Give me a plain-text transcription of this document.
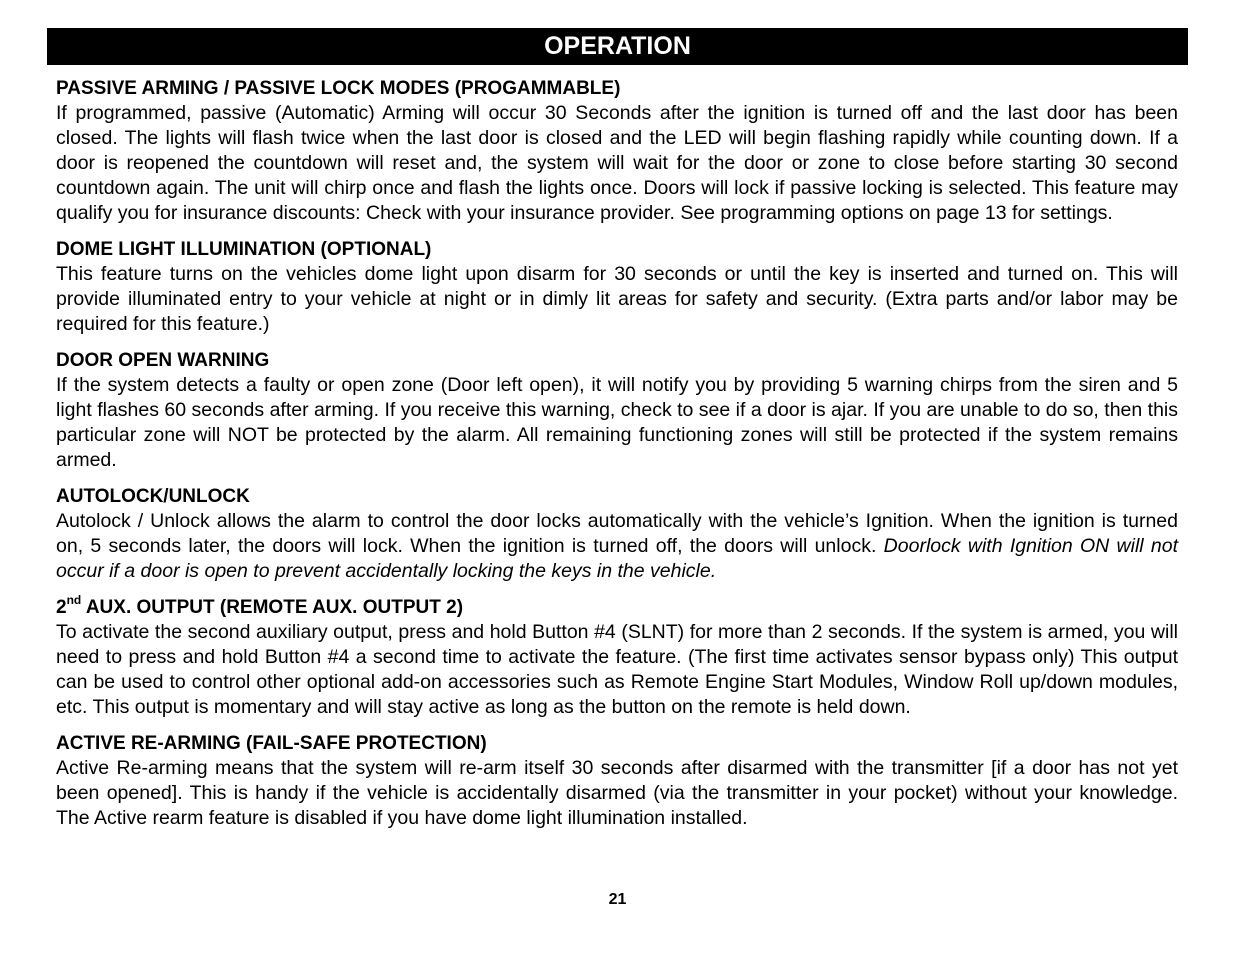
OPERATION
PASSIVE ARMING / PASSIVE LOCK MODES (PROGAMMABLE)
If programmed, passive (Automatic) Arming will occur 30 Seconds after the ignition is turned off and the last door has been closed. The lights will flash twice when the last door is closed and the LED will begin flashing rapidly while counting down. If a door is reopened the countdown will reset and, the system will wait for the door or zone to close before starting 30 second countdown again. The unit will chirp once and flash the lights once. Doors will lock if passive locking is selected. This feature may qualify you for insurance discounts: Check with your insurance provider. See programming options on page 13 for settings.
DOME LIGHT ILLUMINATION (OPTIONAL)
This feature turns on the vehicles dome light upon disarm for 30 seconds or until the key is inserted and turned on. This will provide illuminated entry to your vehicle at night or in dimly lit areas for safety and security. (Extra parts and/or labor may be required for this feature.)
DOOR OPEN WARNING
If the system detects a faulty or open zone (Door left open), it will notify you by providing 5 warning chirps from the siren and 5 light flashes 60 seconds after arming. If you receive this warning, check to see if a door is ajar. If you are unable to do so, then this particular zone will NOT be protected by the alarm. All remaining functioning zones will still be protected if the system remains armed.
AUTOLOCK/UNLOCK
Autolock / Unlock allows the alarm to control the door locks automatically with the vehicle’s Ignition. When the ignition is turned on, 5 seconds later, the doors will lock. When the ignition is turned off, the doors will unlock. Doorlock with Ignition ON will not occur if a door is open to prevent accidentally locking the keys in the vehicle.
2nd AUX. OUTPUT (REMOTE AUX. OUTPUT 2)
To activate the second auxiliary output, press and hold Button #4 (SLNT) for more than 2 seconds. If the system is armed, you will need to press and hold Button #4 a second time to activate the feature. (The first time activates sensor bypass only) This output can be used to control other optional add-on accessories such as Remote Engine Start Modules, Window Roll up/down modules, etc. This output is momentary and will stay active as long as the button on the remote is held down.
ACTIVE RE-ARMING (FAIL-SAFE PROTECTION)
Active Re-arming means that the system will re-arm itself 30 seconds after disarmed with the transmitter [if a door has not yet been opened]. This is handy if the vehicle is accidentally disarmed (via the transmitter in your pocket) without your knowledge. The Active rearm feature is disabled if you have dome light illumination installed.
21
